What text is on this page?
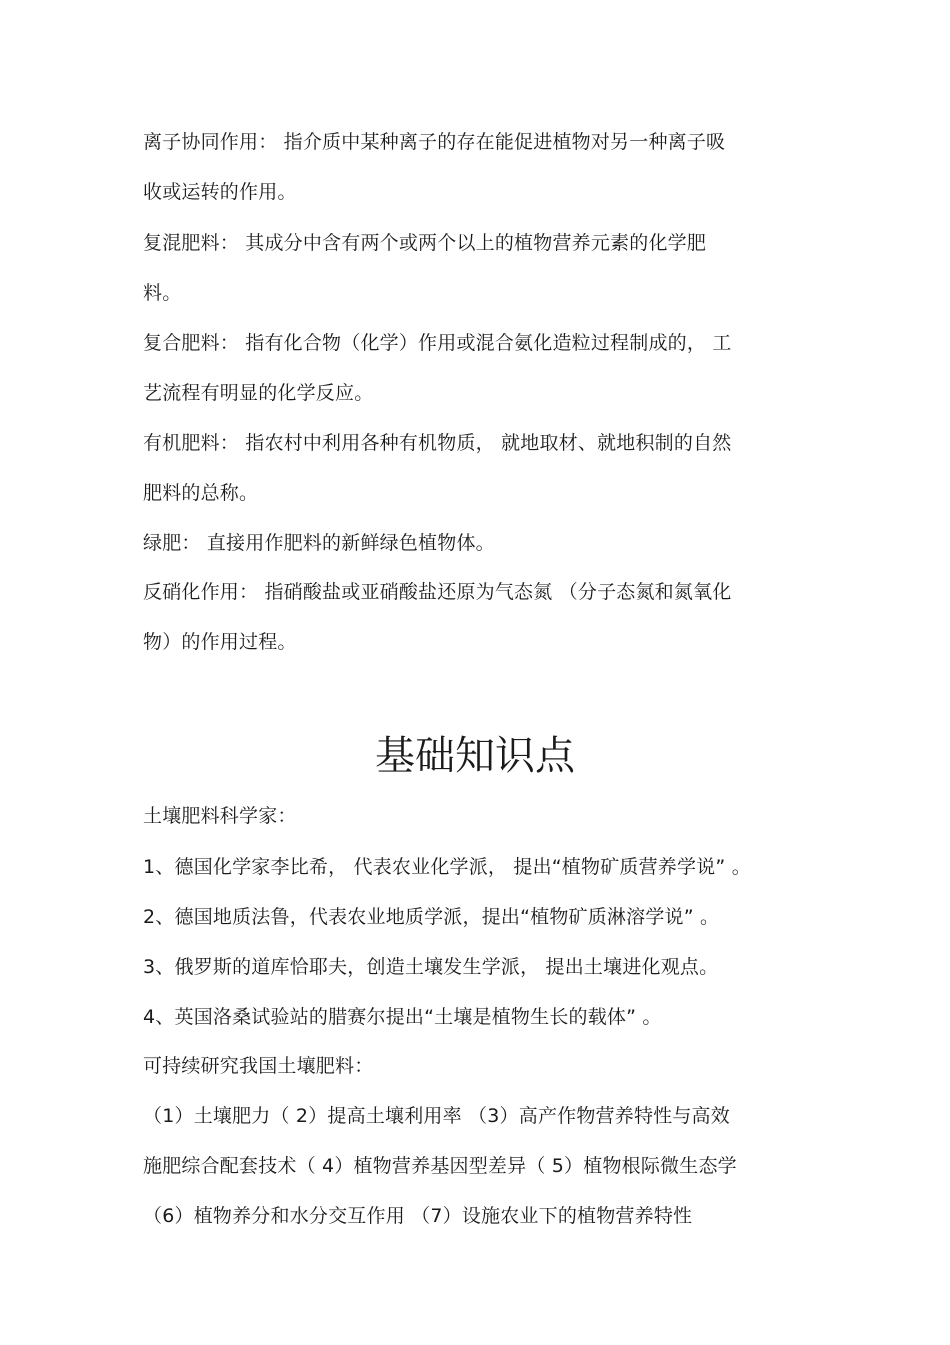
离子协同作用： 指介质中某种离子的存在能促进植物对另一种离子吸
收或运转的作用。
复混肥料： 其成分中含有两个或两个以上的植物营养元素的化学肥
料。
复合肥料： 指有化合物（化学）作用或混合氨化造粒过程制成的， 工
艺流程有明显的化学反应。
有机肥料： 指农村中利用各种有机物质， 就地取材、就地积制的自然
肥料的总称。
绿肥： 直接用作肥料的新鲜绿色植物体。
反硝化作用： 指硝酸盐或亚硝酸盐还原为气态氮 （分子态氮和氮氧化
物）的作用过程。
基础知识点
土壤肥料科学家：
1、德国化学家李比希， 代表农业化学派， 提出“植物矿质营养学说” 。
2、德国地质法鲁，代表农业地质学派，提出“植物矿质淋溶学说” 。
3、俄罗斯的道库恰耶夫，创造土壤发生学派， 提出土壤进化观点。
4、英国洛桑试验站的腊赛尔提出“土壤是植物生长的载体” 。
可持续研究我国土壤肥料：
（1）土壤肥力（ 2）提高土壤利用率 （3）高产作物营养特性与高效
施肥综合配套技术（ 4）植物营养基因型差异（ 5）植物根际微生态学
（6）植物养分和水分交互作用 （7）设施农业下的植物营养特性
